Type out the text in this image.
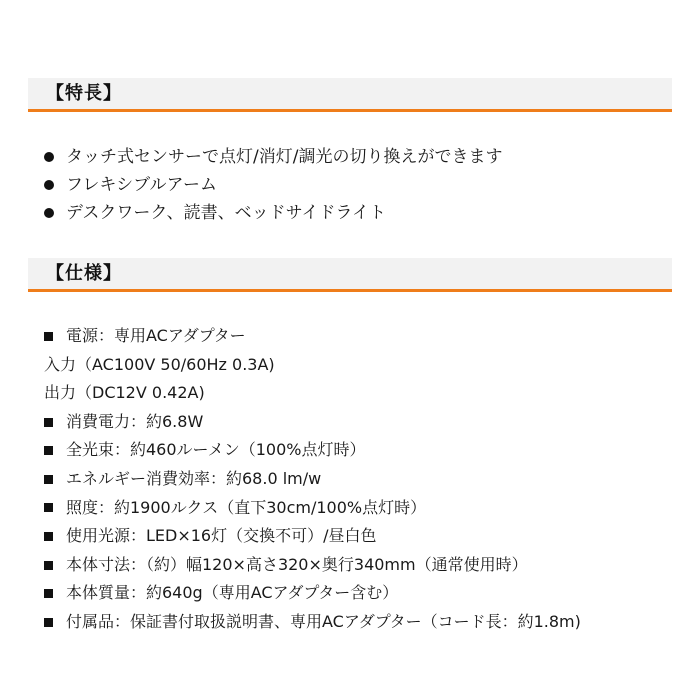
【特長】
タッチ式センサーで点灯/消灯/調光の切り換えができます
フレキシブルアーム
デスクワーク、読書、ベッドサイドライト
【仕様】
電源：専用ACアダプター
入力（AC100V 50/60Hz 0.3A)
出力（DC12V 0.42A)
消費電力：約6.8W
全光束：約460ルーメン（100%点灯時）
エネルギー消費効率：約68.0 lm/w
照度：約1900ルクス（直下30cm/100%点灯時）
使用光源：LED×16灯（交換不可）/昼白色
本体寸法：（約）幅120×高さ320×奥行340mm（通常使用時）
本体質量：約640g（専用ACアダプター含む）
付属品：保証書付取扱説明書、専用ACアダプター（コード長：約1.8m)
